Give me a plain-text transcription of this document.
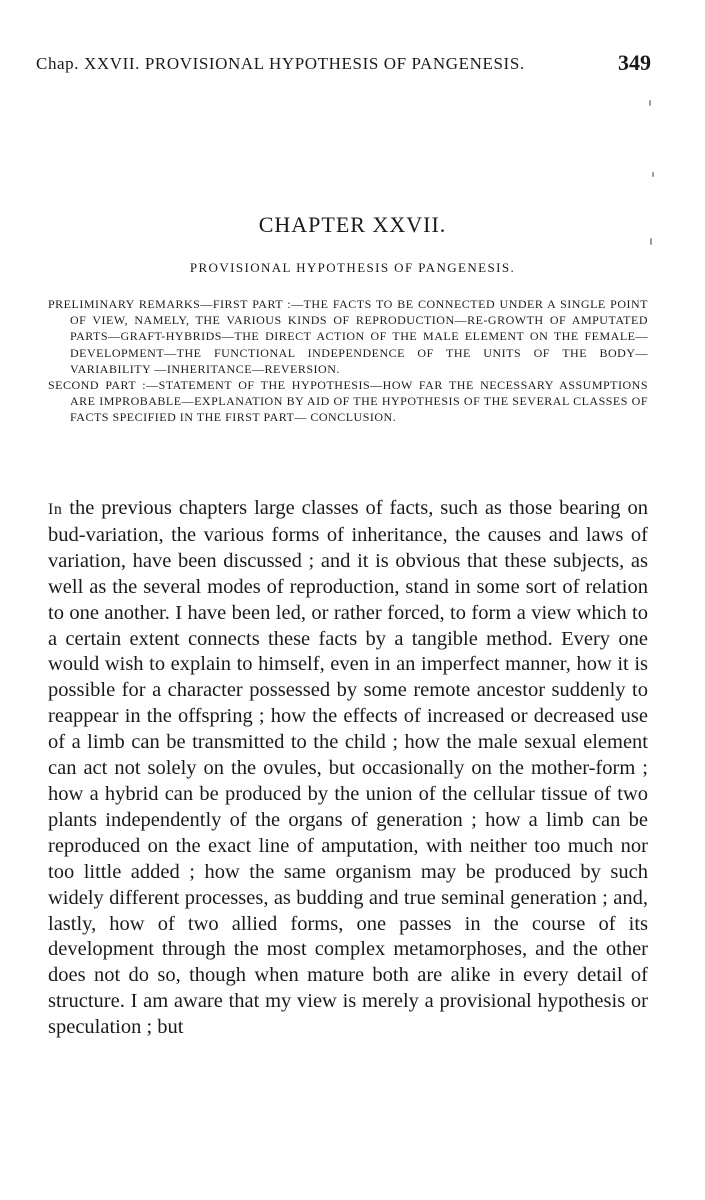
Chap. XXVII. PROVISIONAL HYPOTHESIS OF PANGENESIS.	349
CHAPTER XXVII.
PROVISIONAL HYPOTHESIS OF PANGENESIS.

PRELIMINARY REMARKS—FIRST PART :—THE FACTS TO BE CONNECTED UNDER A SINGLE POINT OF VIEW, NAMELY, THE VARIOUS KINDS OF REPRODUCTION—RE-GROWTH OF AMPUTATED PARTS—GRAFT-HYBRIDS—THE DIRECT ACTION OF THE MALE ELEMENT ON THE FEMALE—DEVELOPMENT—THE FUNCTIONAL INDEPENDENCE OF THE UNITS OF THE BODY—VARIABILITY —INHERITANCE—REVERSION.

SECOND PART :—STATEMENT OF THE HYPOTHESIS—HOW FAR THE NECESSARY ASSUMPTIONS ARE IMPROBABLE—EXPLANATION BY AID OF THE HYPOTHESIS OF THE SEVERAL CLASSES OF FACTS SPECIFIED IN THE FIRST PART— CONCLUSION.

In the previous chapters large classes of facts, such as those bearing on bud-variation, the various forms of inheritance, the causes and laws of variation, have been discussed ; and it is obvious that these subjects, as well as the several modes of reproduction, stand in some sort of relation to one another. I have been led, or rather forced, to form a view which to a certain extent connects these facts by a tangible method. Every one would wish to explain to himself, even in an imperfect manner, how it is possible for a character possessed by some remote ancestor suddenly to reappear in the offspring ; how the effects of increased or decreased use of a limb can be transmitted to the child ; how the male sexual element can act not solely on the ovules, but occasionally on the mother-form ; how a hybrid can be produced by the union of the cellular tissue of two plants independently of the organs of generation ; how a limb can be reproduced on the exact line of amputation, with neither too much nor too little added ; how the same organism may be produced by such widely different processes, as budding and true seminal generation ; and, lastly, how of two allied forms, one passes in the course of its development through the most complex metamorphoses, and the other does not do so, though when mature both are alike in every detail of structure. I am aware that my view is merely a provisional hypothesis or speculation ; but
